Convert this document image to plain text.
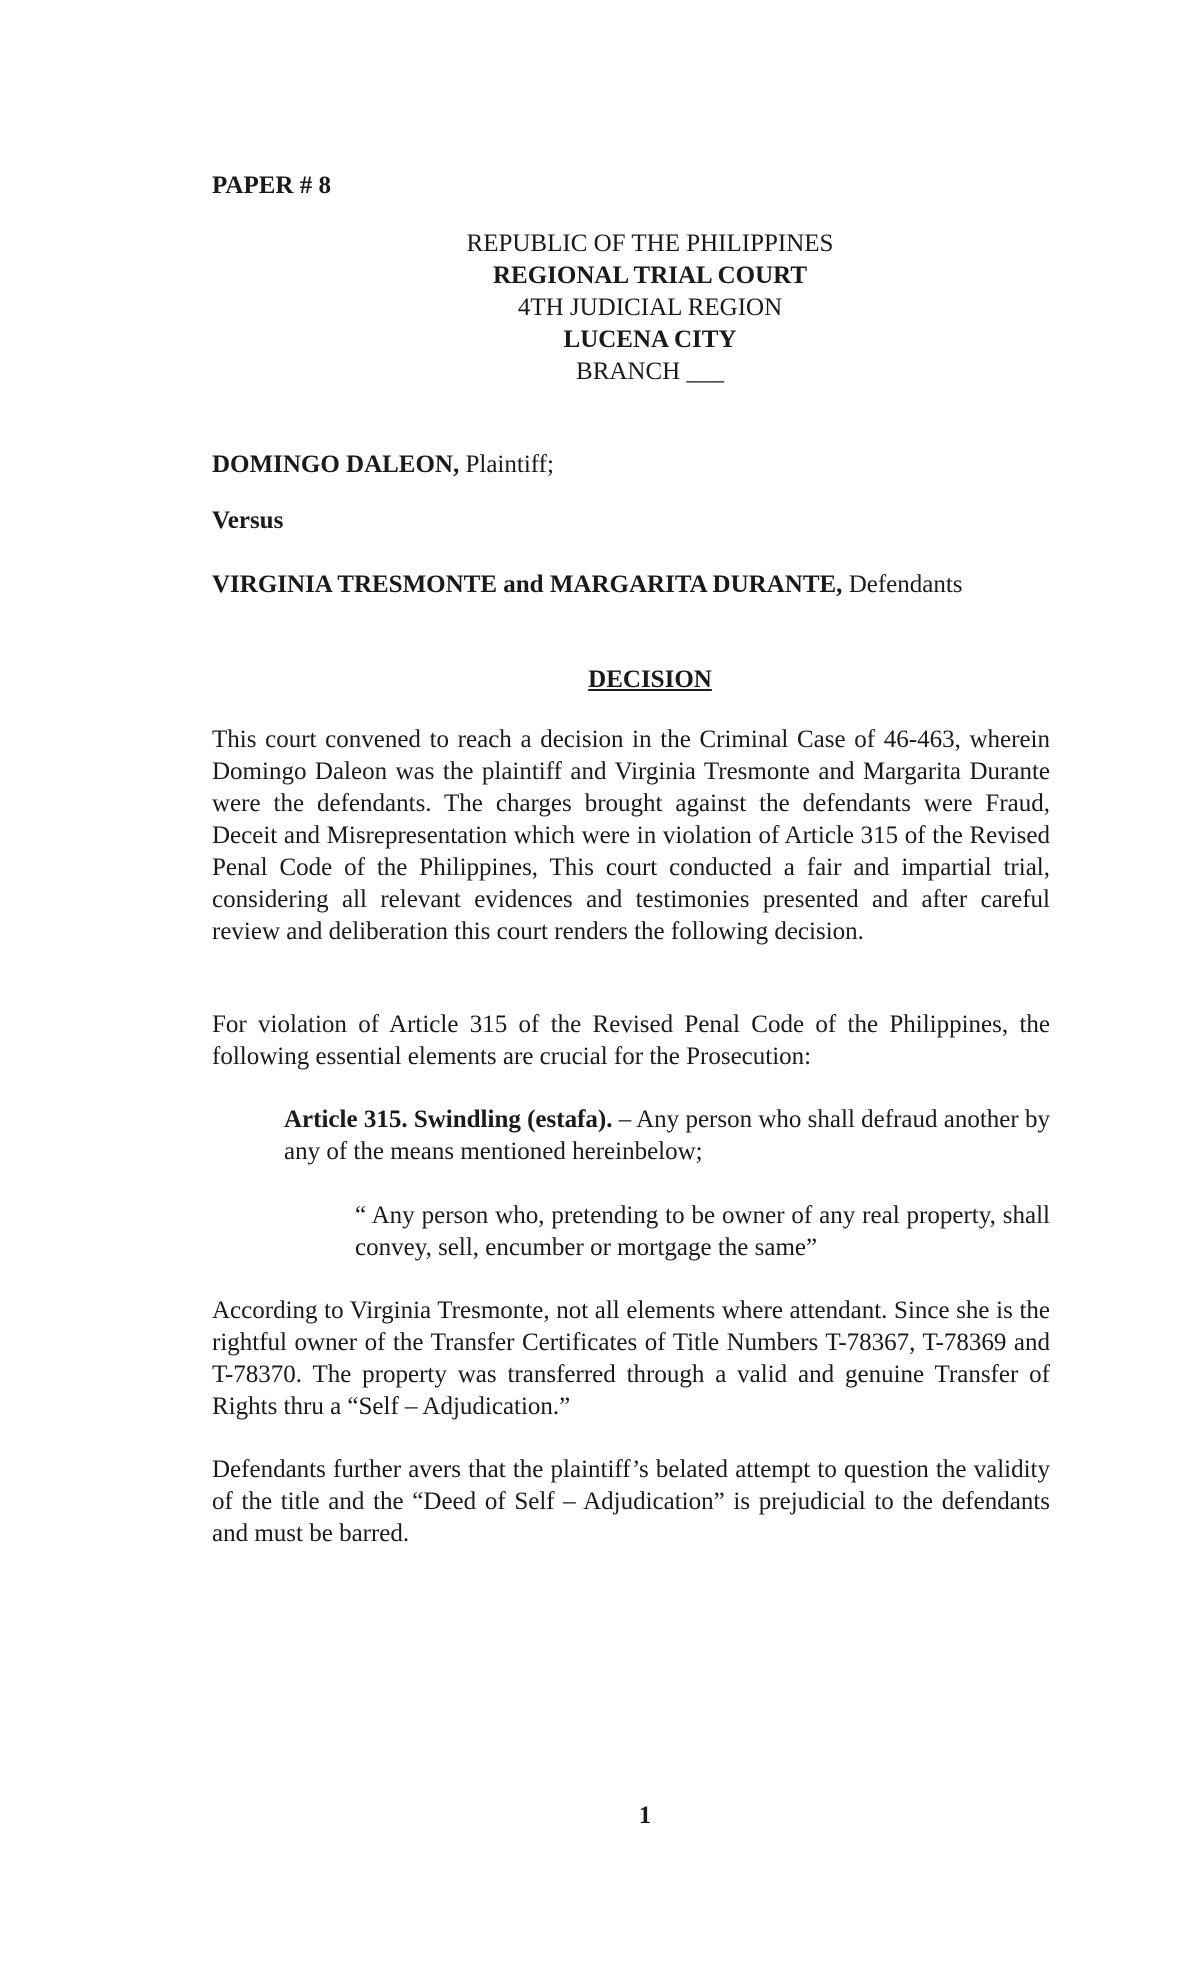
PAPER # 8
REPUBLIC OF THE PHILIPPINES
REGIONAL TRIAL COURT
4TH JUDICIAL REGION
LUCENA CITY
BRANCH ___
DOMINGO DALEON, Plaintiff;
Versus
VIRGINIA TRESMONTE and MARGARITA DURANTE, Defendants
DECISION

This court convened to reach a decision in the Criminal Case of 46-463, wherein Domingo Daleon was the plaintiff and Virginia Tresmonte and Margarita Durante were the defendants. The charges brought against the defendants were Fraud, Deceit and Misrepresentation which were in violation of Article 315 of the Revised Penal Code of the Philippines, This court conducted a fair and impartial trial, considering all relevant evidences and testimonies presented and after careful review and deliberation this court renders the following decision.

For violation of Article 315 of the Revised Penal Code of the Philippines, the following essential elements are crucial for the Prosecution:

Article 315. Swindling (estafa). – Any person who shall defraud another by any of the means mentioned hereinbelow;

“ Any person who, pretending to be owner of any real property, shall convey, sell, encumber or mortgage the same”

According to Virginia Tresmonte, not all elements where attendant. Since she is the rightful owner of the Transfer Certificates of Title Numbers T-78367, T-78369 and T-78370. The property was transferred through a valid and genuine Transfer of Rights thru a “Self – Adjudication.”

Defendants further avers that the plaintiff’s belated attempt to question the validity of the title and the “Deed of Self – Adjudication” is prejudicial to the defendants and must be barred.

1
